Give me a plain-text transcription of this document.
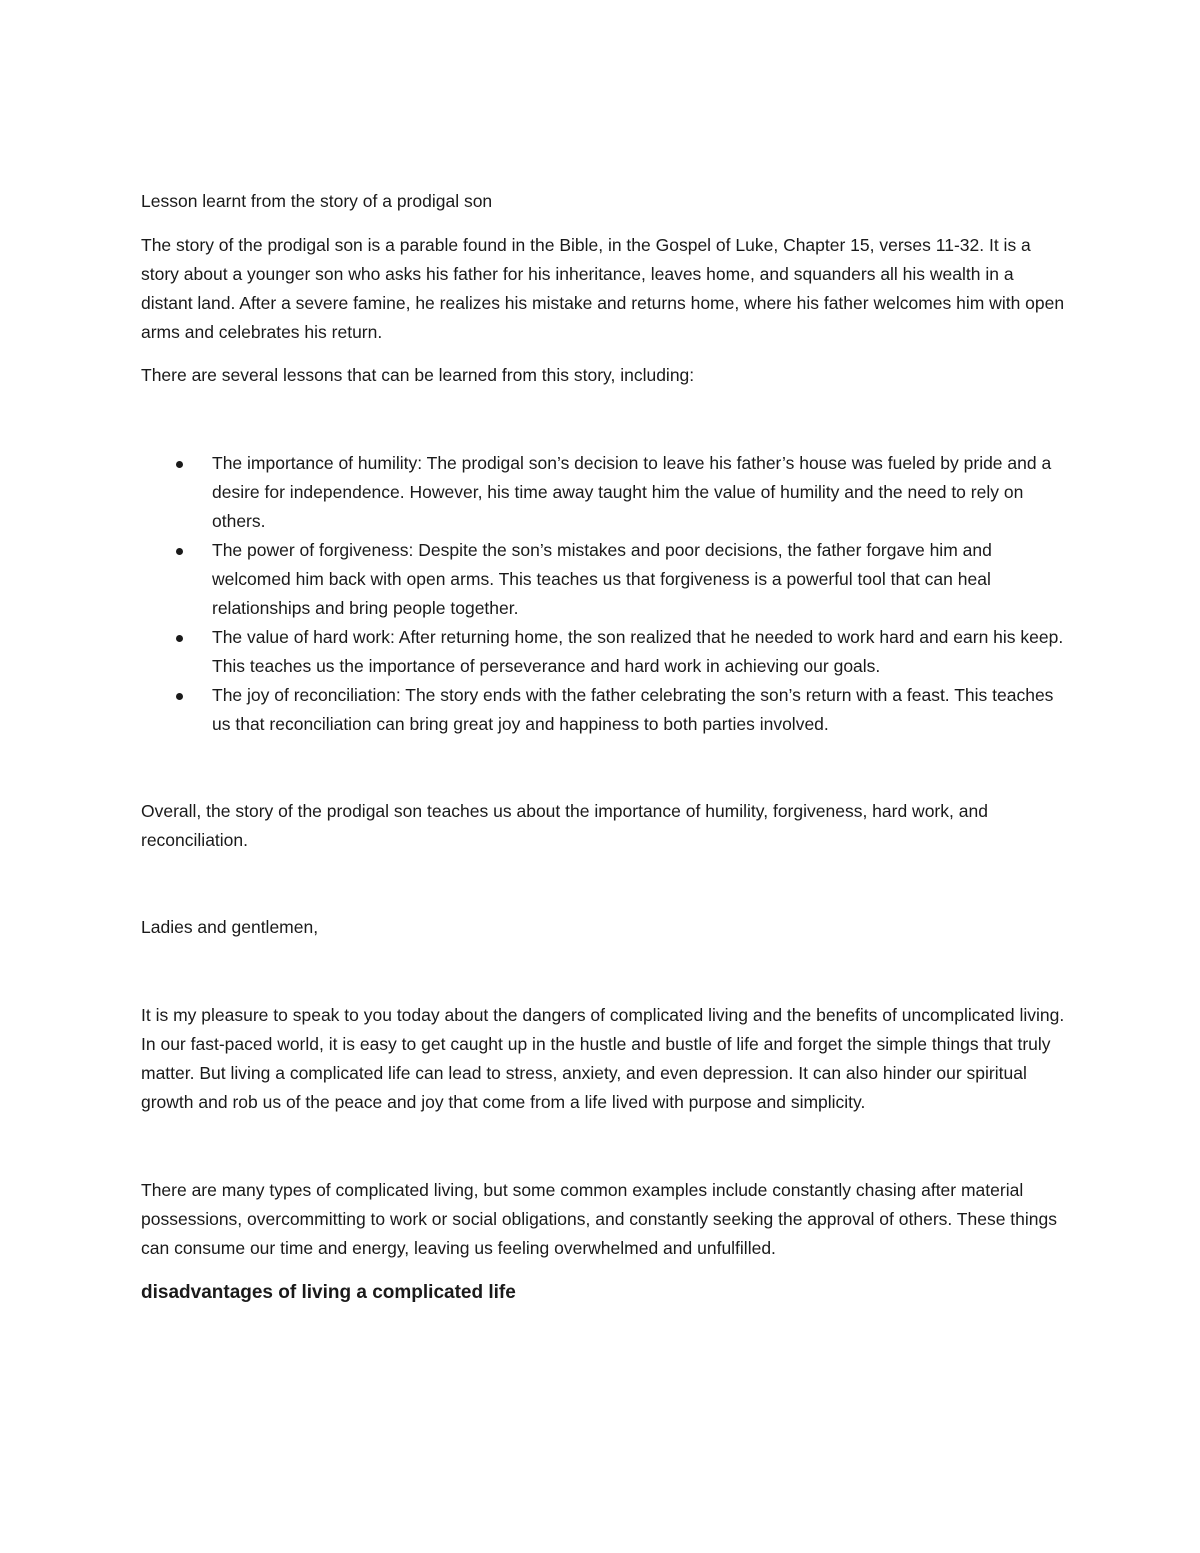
Lesson learnt from the story of a prodigal son

The story of the prodigal son is a parable found in the Bible, in the Gospel of Luke, Chapter 15, verses 11-32. It is a story about a younger son who asks his father for his inheritance, leaves home, and squanders all his wealth in a distant land. After a severe famine, he realizes his mistake and returns home, where his father welcomes him with open arms and celebrates his return.

There are several lessons that can be learned from this story, including:

The importance of humility: The prodigal son’s decision to leave his father’s house was fueled by pride and a desire for independence. However, his time away taught him the value of humility and the need to rely on others.
The power of forgiveness: Despite the son’s mistakes and poor decisions, the father forgave him and welcomed him back with open arms. This teaches us that forgiveness is a powerful tool that can heal relationships and bring people together.
The value of hard work: After returning home, the son realized that he needed to work hard and earn his keep. This teaches us the importance of perseverance and hard work in achieving our goals.
The joy of reconciliation: The story ends with the father celebrating the son’s return with a feast. This teaches us that reconciliation can bring great joy and happiness to both parties involved.

Overall, the story of the prodigal son teaches us about the importance of humility, forgiveness, hard work, and reconciliation.

Ladies and gentlemen,

It is my pleasure to speak to you today about the dangers of complicated living and the benefits of uncomplicated living. In our fast-paced world, it is easy to get caught up in the hustle and bustle of life and forget the simple things that truly matter. But living a complicated life can lead to stress, anxiety, and even depression. It can also hinder our spiritual growth and rob us of the peace and joy that come from a life lived with purpose and simplicity.

There are many types of complicated living, but some common examples include constantly chasing after material possessions, overcommitting to work or social obligations, and constantly seeking the approval of others. These things can consume our time and energy, leaving us feeling overwhelmed and unfulfilled.

disadvantages of living a complicated life
